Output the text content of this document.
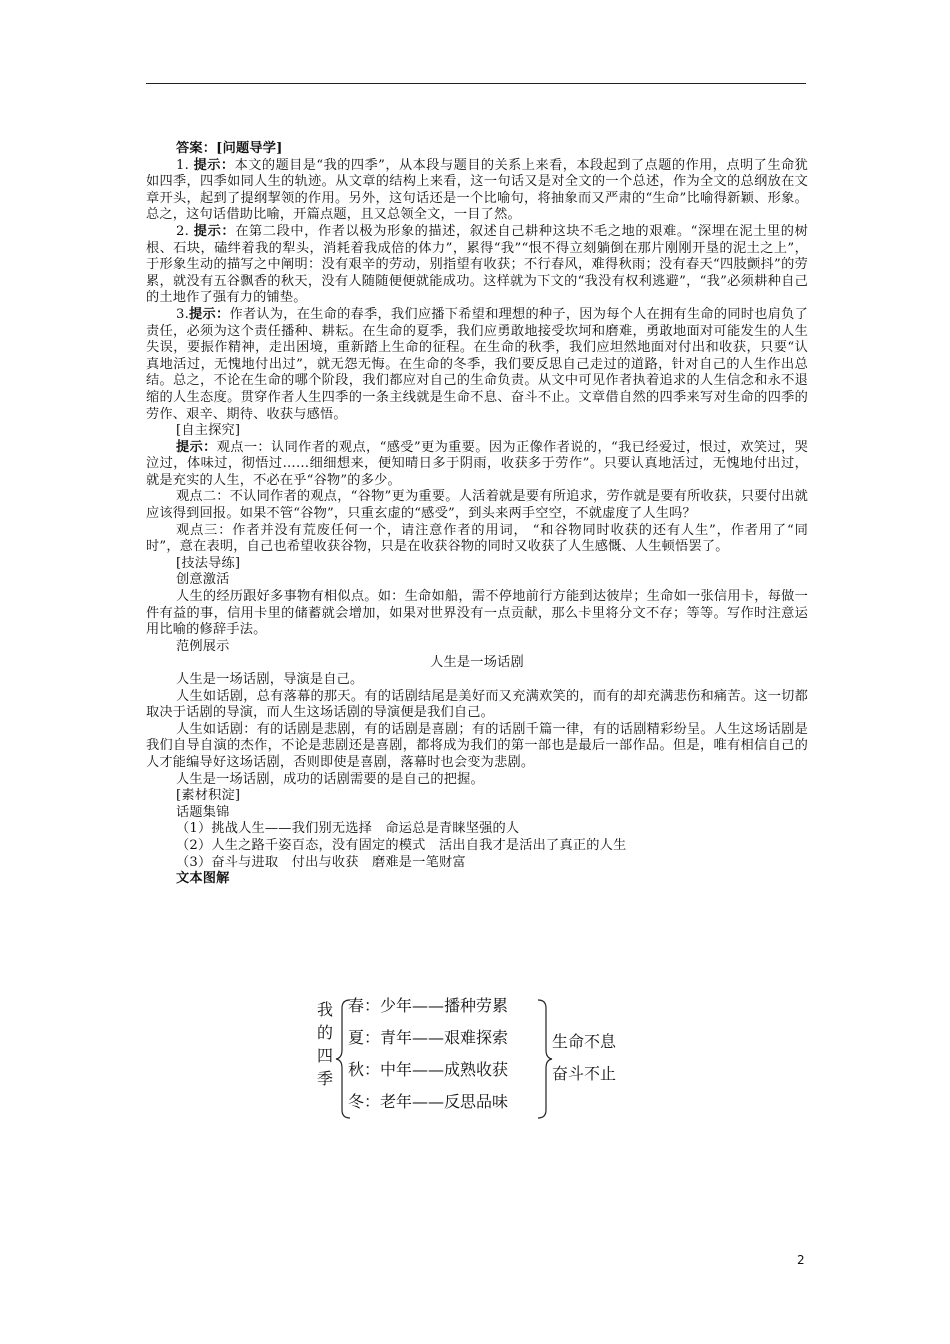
答案：[问题导学]

1. 提示：本文的题目是“我的四季”，从本段与题目的关系上来看，本段起到了点题的作用，点明了生命犹如四季，四季如同人生的轨迹。从文章的结构上来看，这一句话又是对全文的一个总述，作为全文的总纲放在文章开头，起到了提纲挈领的作用。另外，这句话还是一个比喻句，将抽象而又严肃的“生命”比喻得新颖、形象。总之，这句话借助比喻，开篇点题，且又总领全文，一目了然。

2. 提示：在第二段中，作者以极为形象的描述，叙述自己耕种这块不毛之地的艰难。“深埋在泥土里的树根、石块，磕绊着我的犁头，消耗着我成倍的体力”，累得“我”“恨不得立刻躺倒在那片刚刚开垦的泥土之上”，于形象生动的描写之中阐明：没有艰辛的劳动，别指望有收获；不行春风，难得秋雨；没有春天“四肢颤抖”的劳累，就没有五谷飘香的秋天，没有人随随便便就能成功。这样就为下文的“我没有权利逃避”，“我”必须耕种自己的土地作了强有力的铺垫。

3.提示：作者认为，在生命的春季，我们应播下希望和理想的种子，因为每个人在拥有生命的同时也肩负了责任，必须为这个责任播种、耕耘。在生命的夏季，我们应勇敢地接受坎坷和磨难，勇敢地面对可能发生的人生失误，要振作精神，走出困境，重新踏上生命的征程。在生命的秋季，我们应坦然地面对付出和收获，只要“认真地活过，无愧地付出过”，就无怨无悔。在生命的冬季，我们要反思自己走过的道路，针对自己的人生作出总结。总之，不论在生命的哪个阶段，我们都应对自己的生命负责。从文中可见作者执着追求的人生信念和永不退缩的人生态度。贯穿作者人生四季的一条主线就是生命不息、奋斗不止。文章借自然的四季来写对生命的四季的劳作、艰辛、期待、收获与感悟。

[自主探究]

提示：观点一：认同作者的观点，“感受”更为重要。因为正像作者说的，“我已经爱过，恨过，欢笑过，哭泣过，体味过，彻悟过……细细想来，便知晴日多于阴雨，收获多于劳作”。只要认真地活过，无愧地付出过，就是充实的人生，不必在乎“谷物”的多少。

观点二：不认同作者的观点，“谷物”更为重要。人活着就是要有所追求，劳作就是要有所收获，只要付出就应该得到回报。如果不管“谷物”，只重玄虚的“感受”，到头来两手空空，不就虚度了人生吗？

观点三：作者并没有荒废任何一个，请注意作者的用词， “和谷物同时收获的还有人生”，作者用了“同时”，意在表明，自己也希望收获谷物，只是在收获谷物的同时又收获了人生感慨、人生顿悟罢了。

[技法导练]

创意激活

人生的经历跟好多事物有相似点。如：生命如船，需不停地前行方能到达彼岸；生命如一张信用卡，每做一件有益的事，信用卡里的储蓄就会增加，如果对世界没有一点贡献，那么卡里将分文不存；等等。写作时注意运用比喻的修辞手法。

范例展示

人生是一场话剧

人生是一场话剧，导演是自己。

人生如话剧，总有落幕的那天。有的话剧结尾是美好而又充满欢笑的，而有的却充满悲伤和痛苦。这一切都取决于话剧的导演，而人生这场话剧的导演便是我们自己。

人生如话剧：有的话剧是悲剧，有的话剧是喜剧；有的话剧千篇一律，有的话剧精彩纷呈。人生这场话剧是我们自导自演的杰作，不论是悲剧还是喜剧，都将成为我们的第一部也是最后一部作品。但是，唯有相信自己的人才能编导好这场话剧，否则即使是喜剧，落幕时也会变为悲剧。

人生是一场话剧，成功的话剧需要的是自己的把握。

[素材积淀]

话题集锦

（1）挑战人生——我们别无选择　命运总是青睐坚强的人

（2）人生之路千姿百态，没有固定的模式　活出自我才是活出了真正的人生

（3）奋斗与进取　付出与收获　磨难是一笔财富

文本图解

我
的
四
季
春：少年——播种劳累
夏：青年——艰难探索
秋：中年——成熟收获
冬：老年——反思品味
生命不息
奋斗不止
2
